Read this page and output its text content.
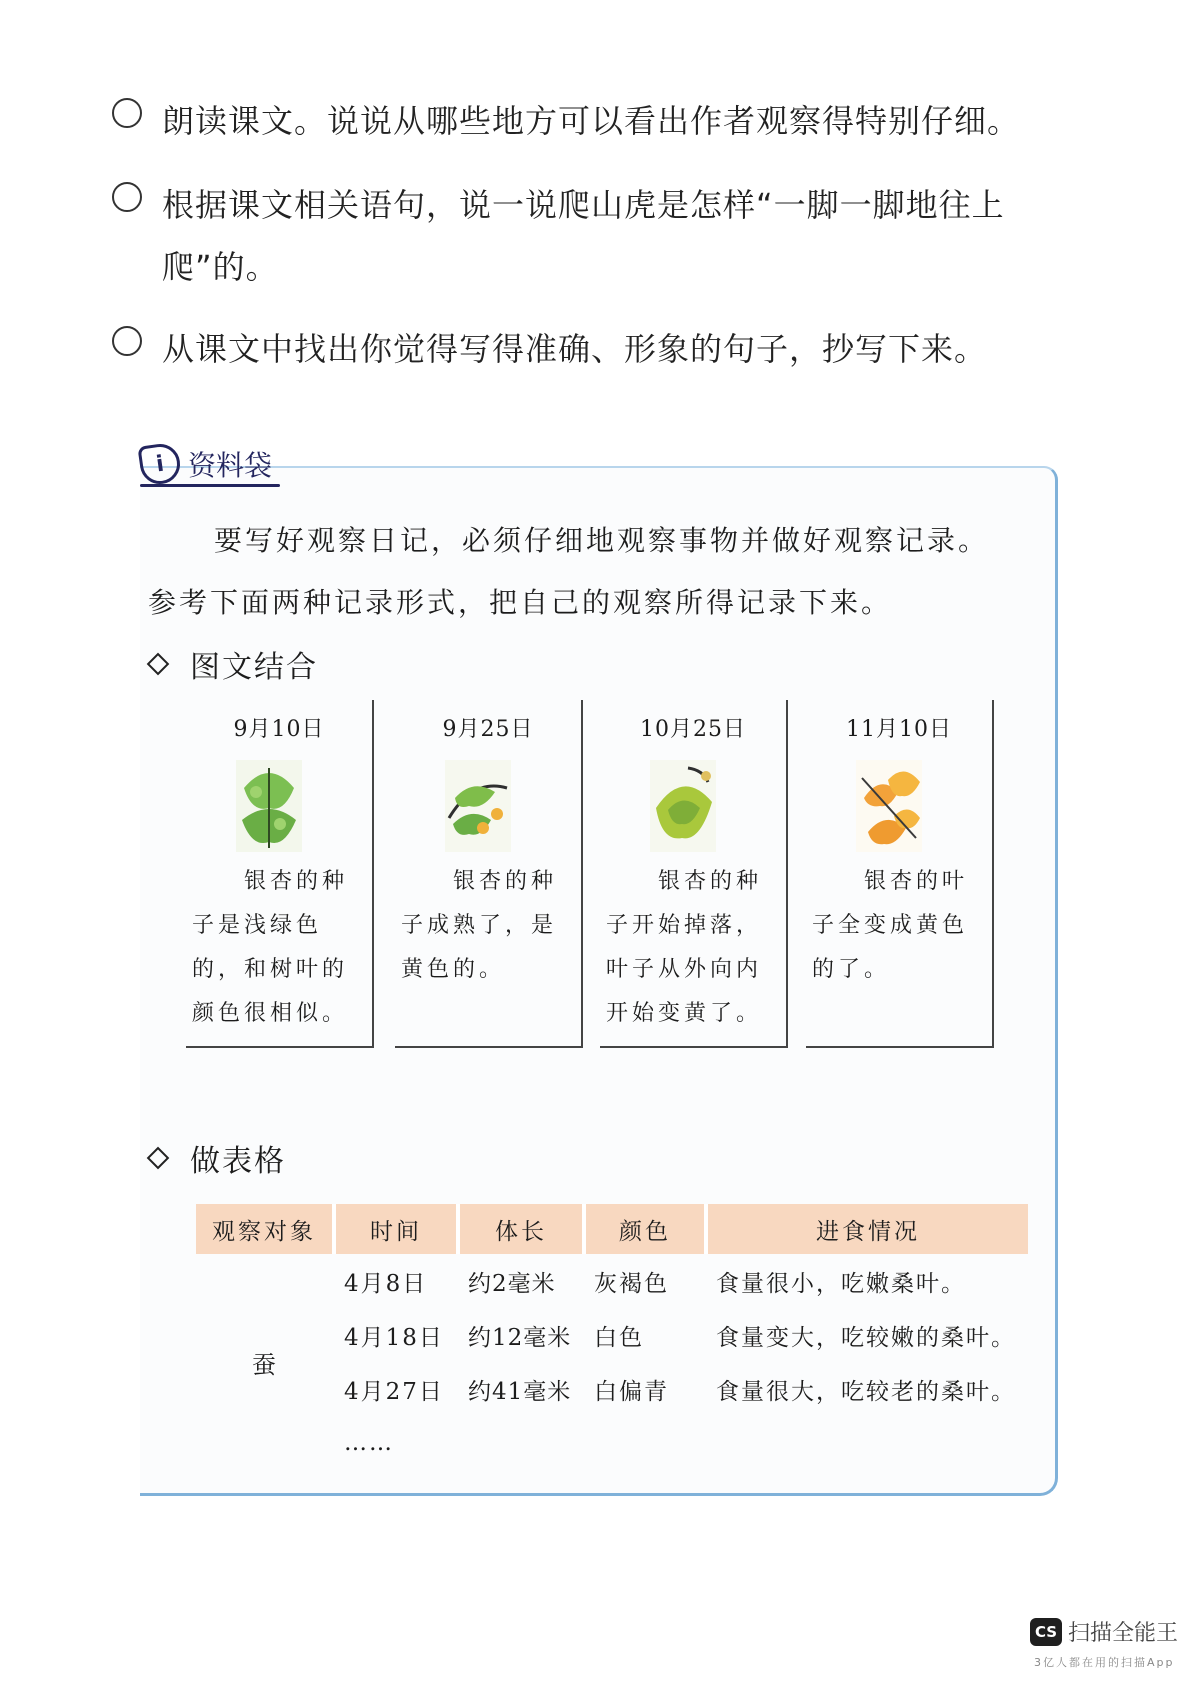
朗读课文。说说从哪些地方可以看出作者观察得特别仔细。
根据课文相关语句，说一说爬山虎是怎样“一脚一脚地往上
爬”的。
从课文中找出你觉得写得准确、形象的句子，抄写下来。
i 资料袋
要写好观察日记，必须仔细地观察事物并做好观察记录。
参考下面两种记录形式，把自己的观察所得记录下来。
图文结合
9月10日
银杏的种
子是浅绿色
的，和树叶的
颜色很相似。
9月25日
银杏的种
子成熟了，是
黄色的。
10月25日
银杏的种
子开始掉落，
叶子从外向内
开始变黄了。
11月10日
银杏的叶
子全变成黄色
的了。
做表格
观察对象	时间	体长	颜色	进食情况
蚕	4月8日	约2毫米	灰褐色	食量很小，吃嫩桑叶。
	4月18日	约12毫米	白色	食量变大，吃较嫩的桑叶。
	4月27日	约41毫米	白偏青	食量很大，吃较老的桑叶。
	……			
CS 扫描全能王
3亿人都在用的扫描App
